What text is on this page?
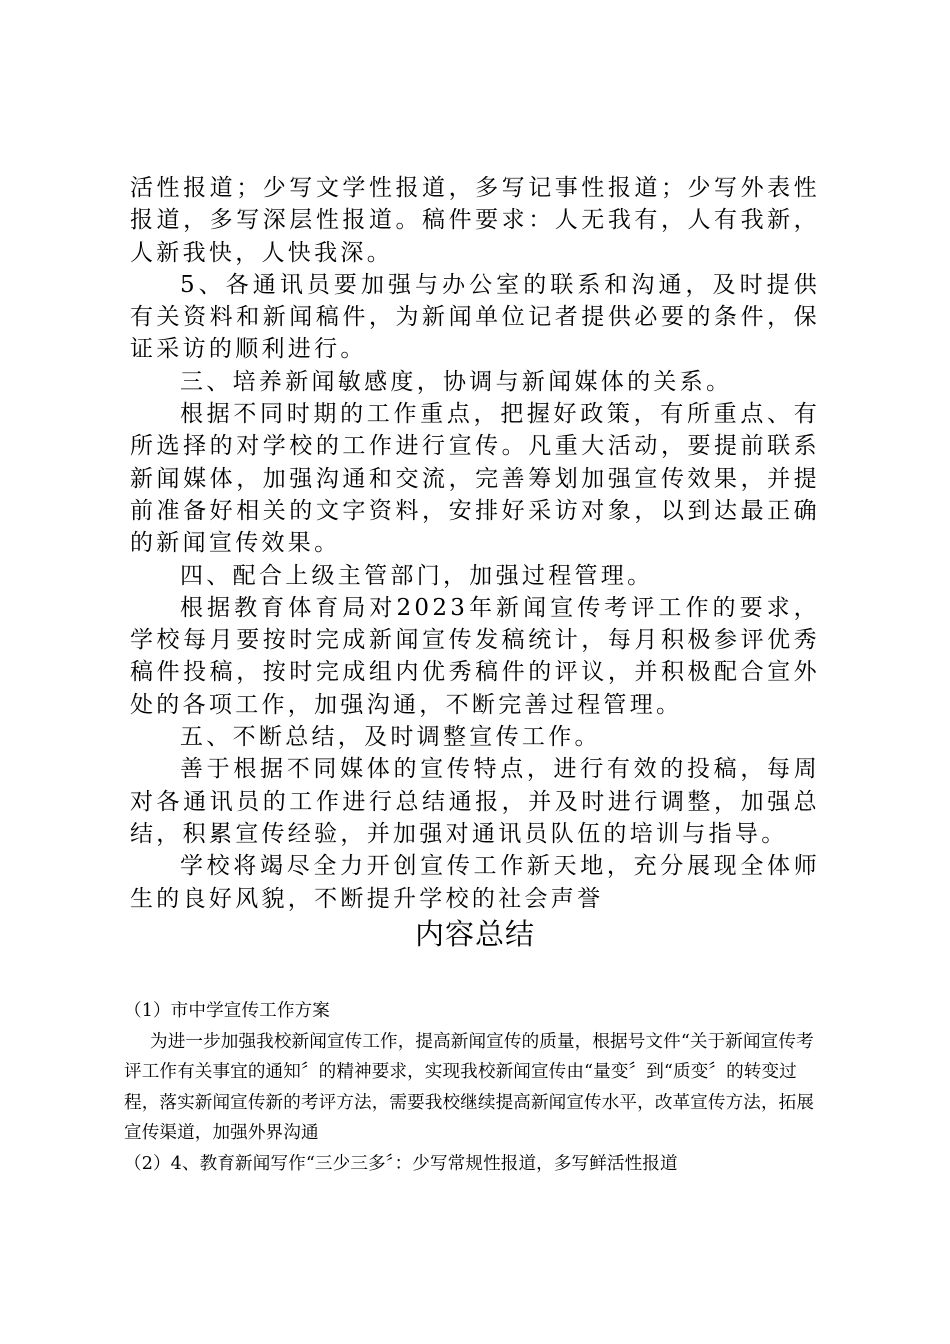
活性报道；少写文学性报道，多写记事性报道；少写外表性报道，多写深层性报道。稿件要求：人无我有，人有我新，人新我快，人快我深。

5、各通讯员要加强与办公室的联系和沟通，及时提供有关资料和新闻稿件，为新闻单位记者提供必要的条件，保证采访的顺利进行。

三、培养新闻敏感度，协调与新闻媒体的关系。

根据不同时期的工作重点，把握好政策，有所重点、有所选择的对学校的工作进行宣传。凡重大活动，要提前联系新闻媒体，加强沟通和交流，完善筹划加强宣传效果，并提前准备好相关的文字资料，安排好采访对象，以到达最正确的新闻宣传效果。

四、配合上级主管部门，加强过程管理。

根据教育体育局对2023年新闻宣传考评工作的要求，学校每月要按时完成新闻宣传发稿统计，每月积极参评优秀稿件投稿，按时完成组内优秀稿件的评议，并积极配合宣外处的各项工作，加强沟通，不断完善过程管理。

五、不断总结，及时调整宣传工作。

善于根据不同媒体的宣传特点，进行有效的投稿，每周对各通讯员的工作进行总结通报，并及时进行调整，加强总结，积累宣传经验，并加强对通讯员队伍的培训与指导。

学校将竭尽全力开创宣传工作新天地，充分展现全体师生的良好风貌，不断提升学校的社会声誉

内容总结

（1）市中学宣传工作方案

为进一步加强我校新闻宣传工作，提高新闻宣传的质量，根据号文件“关于新闻宣传考评工作有关事宜的通知〞的精神要求，实现我校新闻宣传由“量变〞到“质变〞的转变过程，落实新闻宣传新的考评方法，需要我校继续提高新闻宣传水平，改革宣传方法，拓展宣传渠道，加强外界沟通

（2）4、教育新闻写作“三少三多〞：少写常规性报道，多写鲜活性报道
